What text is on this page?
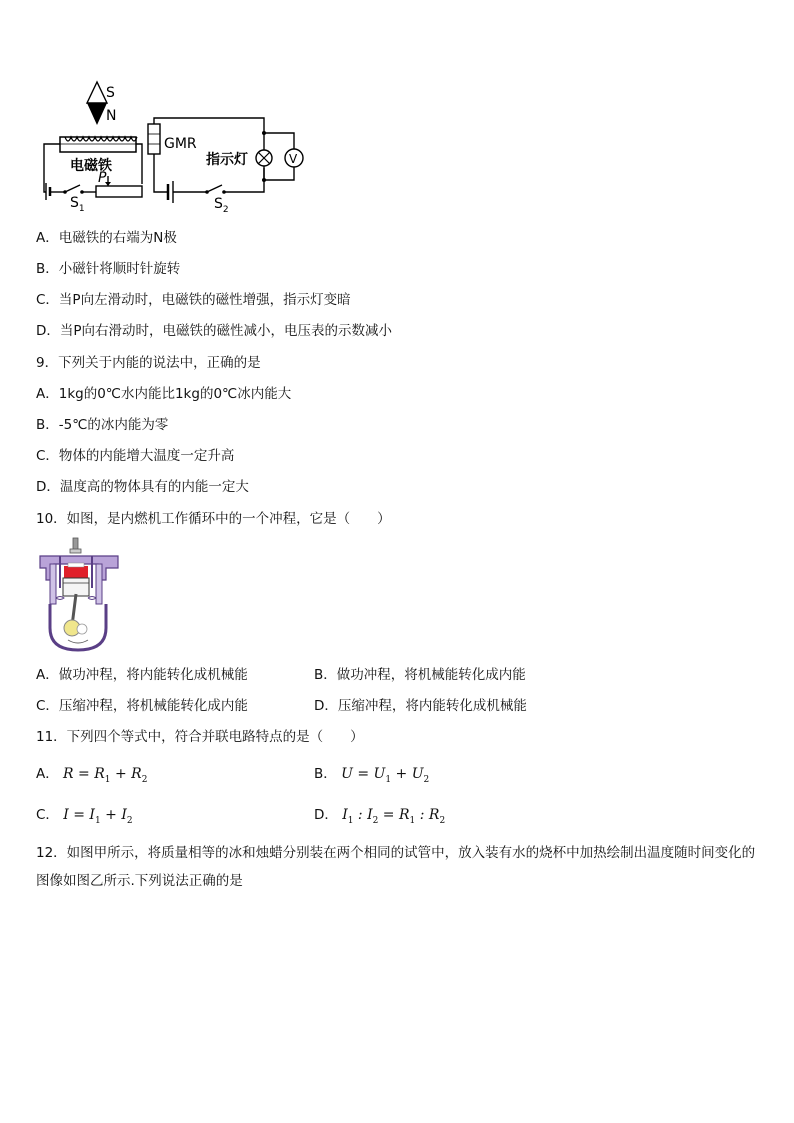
S
N
电磁铁
$S_1$
P
GMR
$S_2$
指示灯	V
A．电磁铁的右端为N极
B．小磁针将顺时针旋转
C．当P向左滑动时，电磁铁的磁性增强，指示灯变暗
D．当P向右滑动时，电磁铁的磁性减小，电压表的示数减小
9．下列关于内能的说法中，正确的是
A．1kg的0℃水内能比1kg的0℃冰内能大
B．-5℃的冰内能为零
C．物体的内能增大温度一定升高
D．温度高的物体具有的内能一定大
10．如图，是内燃机工作循环中的一个冲程，它是（　　）
A．做功冲程，将内能转化成机械能	B．做功冲程，将机械能转化成内能
C．压缩冲程，将机械能转化成内能	D．压缩冲程，将内能转化成机械能
11．下列四个等式中，符合并联电路特点的是（　　）
A． $R = R_1 + R_2$	B． $U = U_1 + U_2$
C． $I = I_1 + I_2$	D． $I_1$ : $I_2 = R_1$ : $R_2$
12．如图甲所示，将质量相等的冰和烛蜡分别装在两个相同的试管中，放入装有水的烧杯中加热绘制出温度随时间变化的图像如图乙所示.下列说法正确的是
